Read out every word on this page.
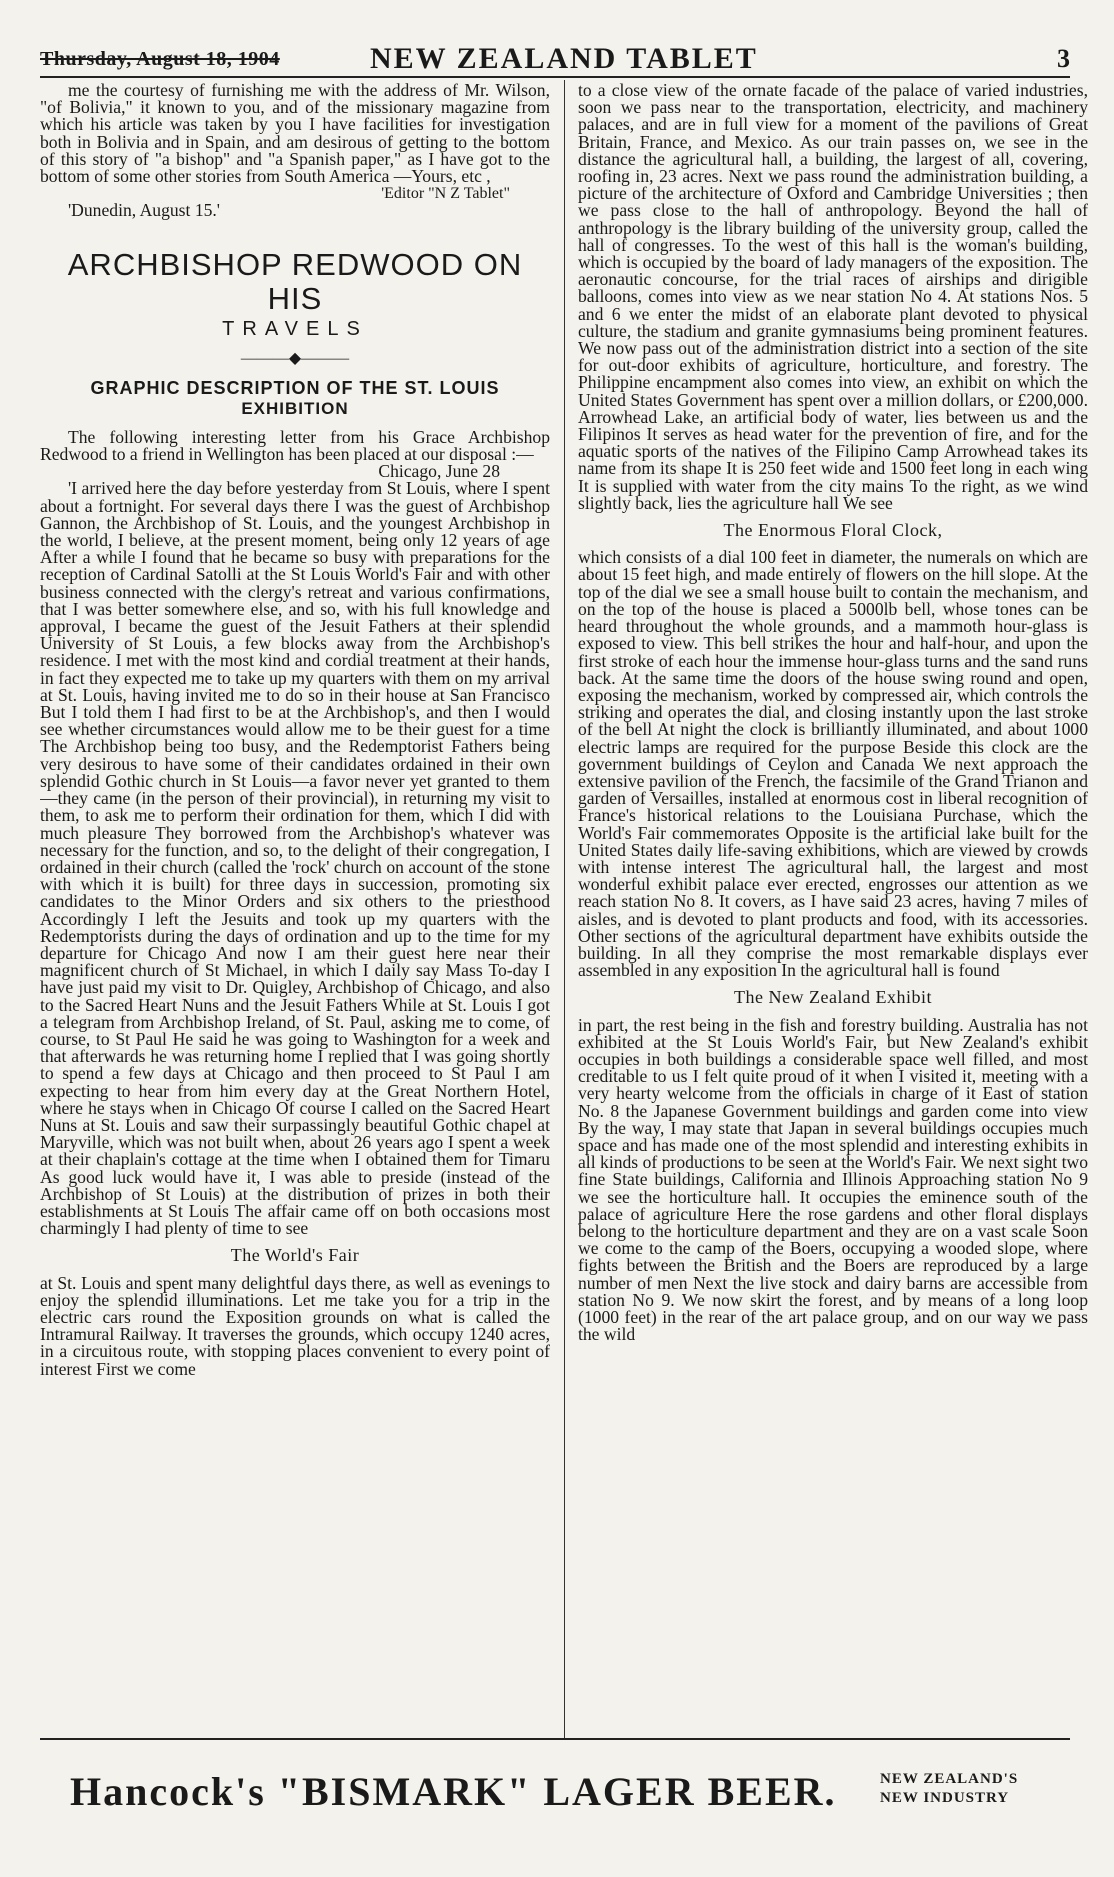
Thursday, August 18, 1904	NEW ZEALAND TABLET	3

me the courtesy of furnishing me with the address of Mr. Wilson, "of Bolivia," it known to you, and of the missionary magazine from which his article was taken by you I have facilities for investigation both in Bolivia and in Spain, and am desirous of getting to the bottom of this story of "a bishop" and "a Spanish paper," as I have got to the bottom of some other stories from South America —Yours, etc ,

'Editor "N Z Tablet"

'Dunedin, August 15.'

ARCHBISHOP REDWOOD ON HIS
TRAVELS
———◆———
GRAPHIC DESCRIPTION OF THE ST. LOUIS
EXHIBITION

The following interesting letter from his Grace Archbishop Redwood to a friend in Wellington has been placed at our disposal :—

Chicago, June 28

'I arrived here the day before yesterday from St Louis, where I spent about a fortnight. For several days there I was the guest of Archbishop Gannon, the Archbishop of St. Louis, and the youngest Archbishop in the world, I believe, at the present moment, being only 12 years of age After a while I found that he became so busy with preparations for the reception of Cardinal Satolli at the St Louis World's Fair and with other business connected with the clergy's retreat and various confirmations, that I was better somewhere else, and so, with his full knowledge and approval, I became the guest of the Jesuit Fathers at their splendid University of St Louis, a few blocks away from the Archbishop's residence. I met with the most kind and cordial treatment at their hands, in fact they expected me to take up my quarters with them on my arrival at St. Louis, having invited me to do so in their house at San Francisco But I told them I had first to be at the Archbishop's, and then I would see whether circumstances would allow me to be their guest for a time The Archbishop being too busy, and the Redemptorist Fathers being very desirous to have some of their candidates ordained in their own splendid Gothic church in St Louis—a favor never yet granted to them—they came (in the person of their provincial), in returning my visit to them, to ask me to perform their ordination for them, which I did with much pleasure They borrowed from the Archbishop's whatever was necessary for the function, and so, to the delight of their congregation, I ordained in their church (called the 'rock' church on account of the stone with which it is built) for three days in succession, promoting six candidates to the Minor Orders and six others to the priesthood Accordingly I left the Jesuits and took up my quarters with the Redemptorists during the days of ordination and up to the time for my departure for Chicago And now I am their guest here near their magnificent church of St Michael, in which I daily say Mass To-day I have just paid my visit to Dr. Quigley, Archbishop of Chicago, and also to the Sacred Heart Nuns and the Jesuit Fathers While at St. Louis I got a telegram from Archbishop Ireland, of St. Paul, asking me to come, of course, to St Paul He said he was going to Washington for a week and that afterwards he was returning home I replied that I was going shortly to spend a few days at Chicago and then proceed to St Paul I am expecting to hear from him every day at the Great Northern Hotel, where he stays when in Chicago Of course I called on the Sacred Heart Nuns at St. Louis and saw their surpassingly beautiful Gothic chapel at Maryville, which was not built when, about 26 years ago I spent a week at their chaplain's cottage at the time when I obtained them for Timaru As good luck would have it, I was able to preside (instead of the Archbishop of St Louis) at the distribution of prizes in both their establishments at St Louis The affair came off on both occasions most charmingly I had plenty of time to see

The World's Fair

at St. Louis and spent many delightful days there, as well as evenings to enjoy the splendid illuminations. Let me take you for a trip in the electric cars round the Exposition grounds on what is called the Intramural Railway. It traverses the grounds, which occupy 1240 acres, in a circuitous route, with stopping places convenient to every point of interest First we come

to a close view of the ornate facade of the palace of varied industries, soon we pass near to the transportation, electricity, and machinery palaces, and are in full view for a moment of the pavilions of Great Britain, France, and Mexico. As our train passes on, we see in the distance the agricultural hall, a building, the largest of all, covering, roofing in, 23 acres. Next we pass round the administration building, a picture of the architecture of Oxford and Cambridge Universities ; then we pass close to the hall of anthropology. Beyond the hall of anthropology is the library building of the university group, called the hall of congresses. To the west of this hall is the woman's building, which is occupied by the board of lady managers of the exposition. The aeronautic concourse, for the trial races of airships and dirigible balloons, comes into view as we near station No 4. At stations Nos. 5 and 6 we enter the midst of an elaborate plant devoted to physical culture, the stadium and granite gymnasiums being prominent features. We now pass out of the administration district into a section of the site for out-door exhibits of agriculture, horticulture, and forestry. The Philippine encampment also comes into view, an exhibit on which the United States Government has spent over a million dollars, or £200,000. Arrowhead Lake, an artificial body of water, lies between us and the Filipinos It serves as head water for the prevention of fire, and for the aquatic sports of the natives of the Filipino Camp Arrowhead takes its name from its shape It is 250 feet wide and 1500 feet long in each wing It is supplied with water from the city mains To the right, as we wind slightly back, lies the agriculture hall We see

The Enormous Floral Clock,

which consists of a dial 100 feet in diameter, the numerals on which are about 15 feet high, and made entirely of flowers on the hill slope. At the top of the dial we see a small house built to contain the mechanism, and on the top of the house is placed a 5000lb bell, whose tones can be heard throughout the whole grounds, and a mammoth hour-glass is exposed to view. This bell strikes the hour and half-hour, and upon the first stroke of each hour the immense hour-glass turns and the sand runs back. At the same time the doors of the house swing round and open, exposing the mechanism, worked by compressed air, which controls the striking and operates the dial, and closing instantly upon the last stroke of the bell At night the clock is brilliantly illuminated, and about 1000 electric lamps are required for the purpose Beside this clock are the government buildings of Ceylon and Canada We next approach the extensive pavilion of the French, the facsimile of the Grand Trianon and garden of Versailles, installed at enormous cost in liberal recognition of France's historical relations to the Louisiana Purchase, which the World's Fair commemorates Opposite is the artificial lake built for the United States daily life-saving exhibitions, which are viewed by crowds with intense interest The agricultural hall, the largest and most wonderful exhibit palace ever erected, engrosses our attention as we reach station No 8. It covers, as I have said 23 acres, having 7 miles of aisles, and is devoted to plant products and food, with its accessories. Other sections of the agricultural department have exhibits outside the building. In all they comprise the most remarkable displays ever assembled in any exposition In the agricultural hall is found

The New Zealand Exhibit

in part, the rest being in the fish and forestry building. Australia has not exhibited at the St Louis World's Fair, but New Zealand's exhibit occupies in both buildings a considerable space well filled, and most creditable to us I felt quite proud of it when I visited it, meeting with a very hearty welcome from the officials in charge of it East of station No. 8 the Japanese Government buildings and garden come into view By the way, I may state that Japan in several buildings occupies much space and has made one of the most splendid and interesting exhibits in all kinds of productions to be seen at the World's Fair. We next sight two fine State buildings, California and Illinois Approaching station No 9 we see the horticulture hall. It occupies the eminence south of the palace of agriculture Here the rose gardens and other floral displays belong to the horticulture department and they are on a vast scale Soon we come to the camp of the Boers, occupying a wooded slope, where fights between the British and the Boers are reproduced by a large number of men Next the live stock and dairy barns are accessible from station No 9. We now skirt the forest, and by means of a long loop (1000 feet) in the rear of the art palace group, and on our way we pass the wild

Hancock's "BISMARK" LAGER BEER.	NEW ZEALAND'S
NEW INDUSTRY
